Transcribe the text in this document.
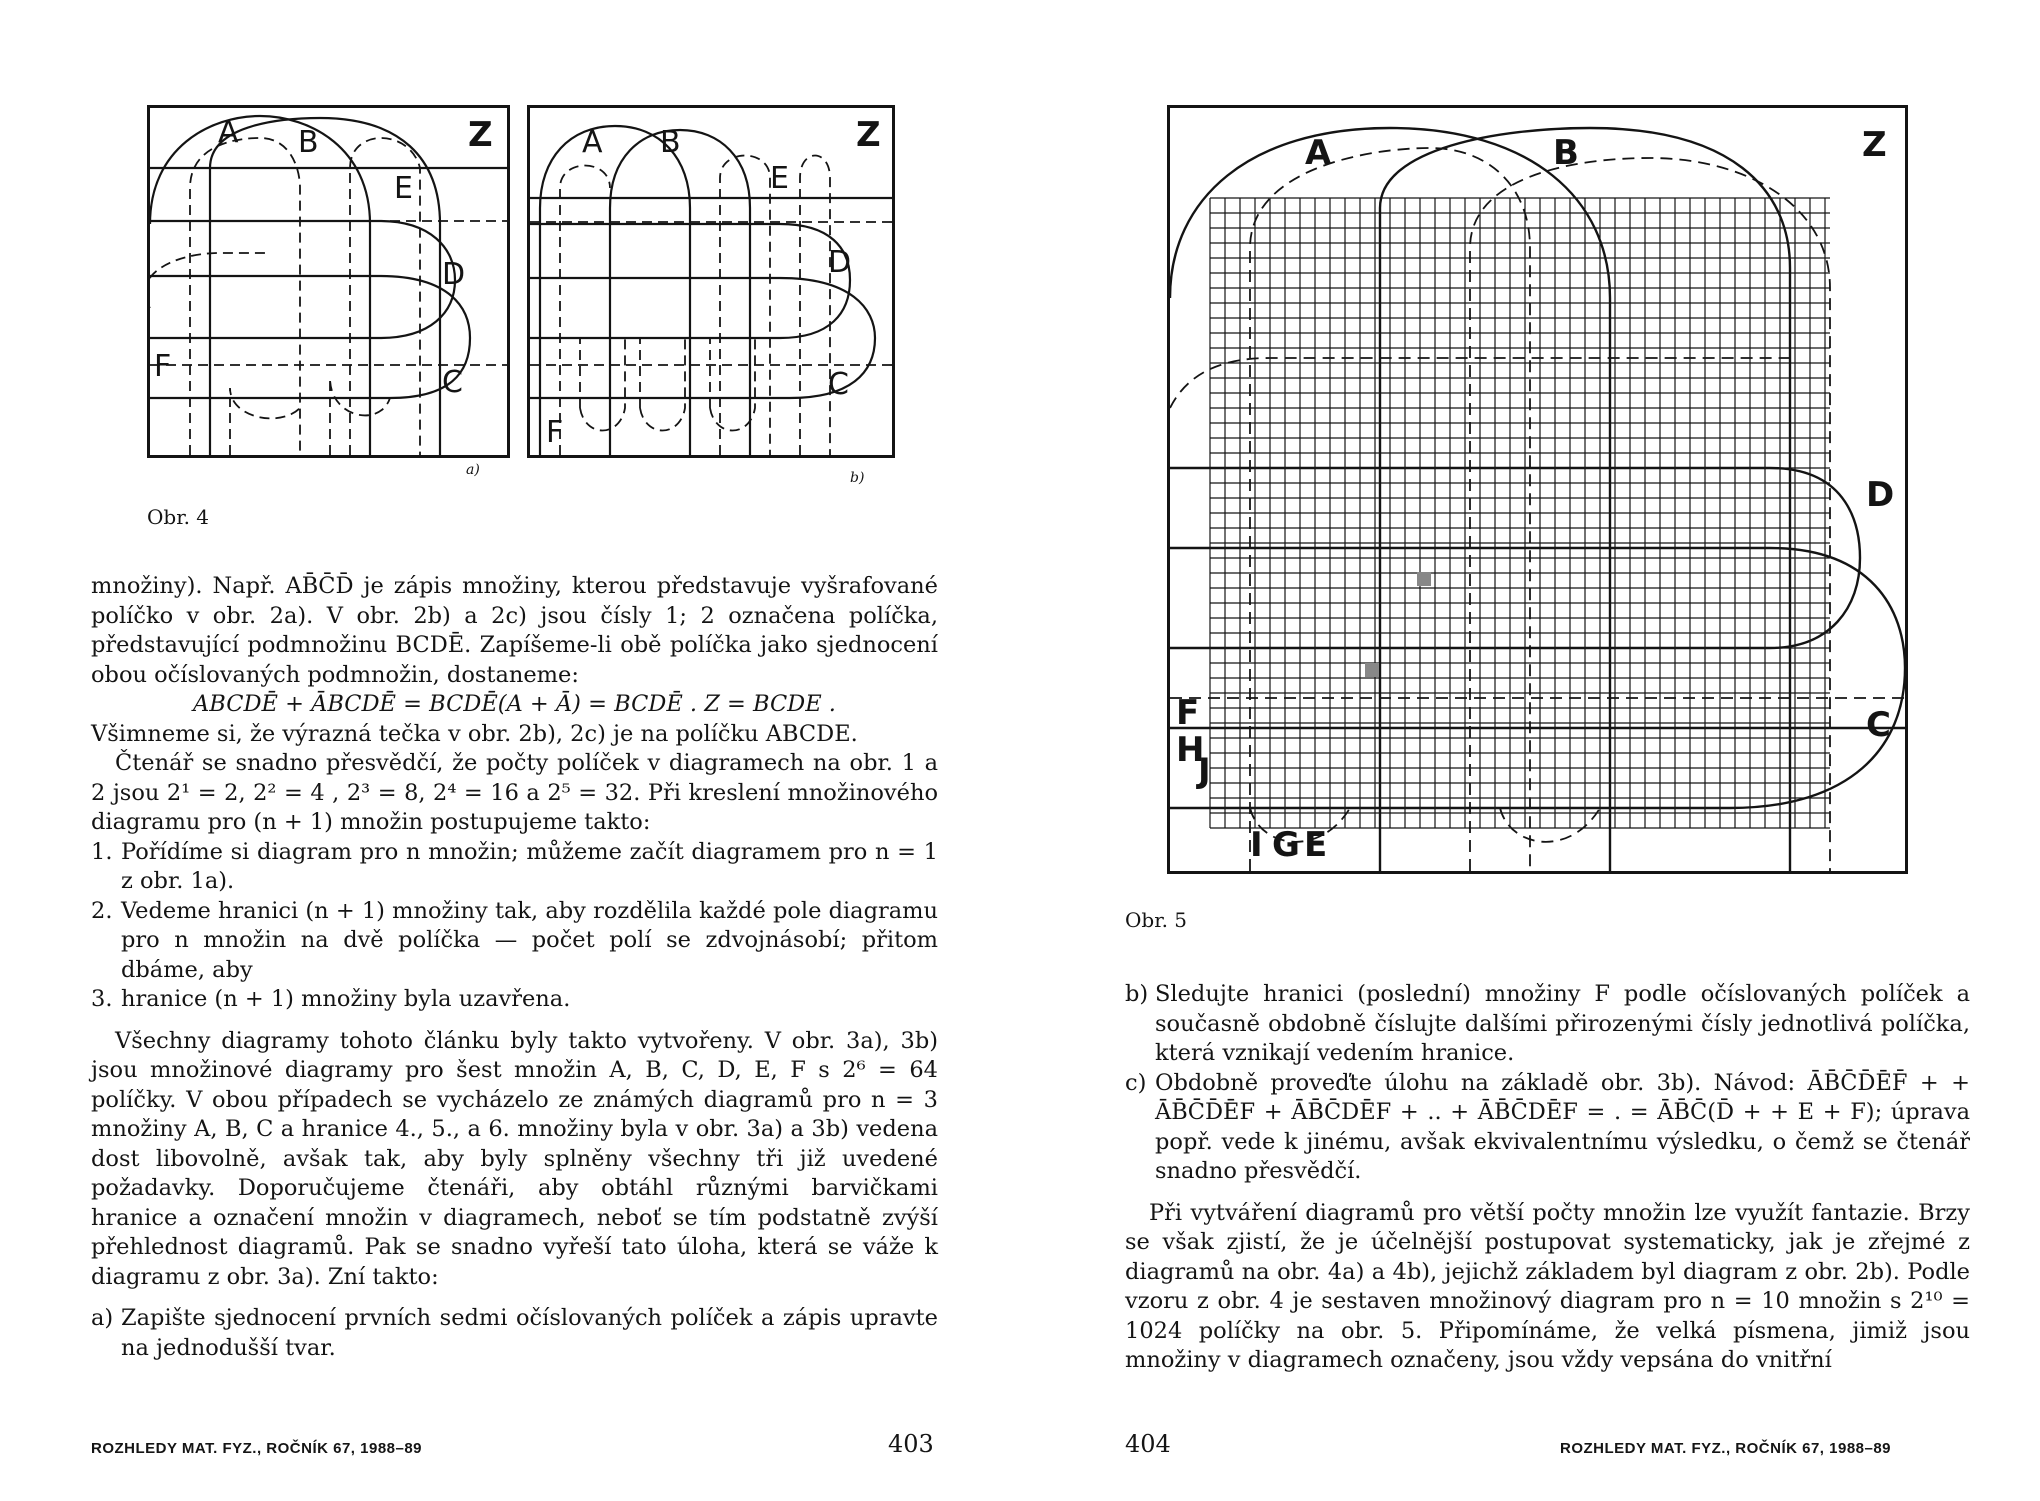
A B	Z
E
D
F	C
a)
A B	Z
E
D
C
F
b)
Obr. 4

množiny). Např. AB̄C̄D̄ je zápis množiny, kterou představuje vyšrafované políčko v obr. 2a). V obr. 2b) a 2c) jsou čísly 1; 2 označena políčka, představující podmnožinu BCDĒ. Zapíšeme-li obě políčka jako sjednocení obou očíslovaných podmnožin, dostaneme:

ABCDĒ + ĀBCDĒ = BCDĒ(A + Ā) = BCDĒ . Z = BCDE .

Všimneme si, že výrazná tečka v obr. 2b), 2c) je na políčku ABCDE.

Čtenář se snadno přesvědčí, že počty políček v diagramech na obr. 1 a 2 jsou 2¹ = 2, 2² = 4 , 2³ = 8, 2⁴ = 16 a 2⁵ = 32. Při kreslení množinového diagramu pro (n + 1) množin postupujeme takto:

1. Pořídíme si diagram pro n množin; můžeme začít diagramem pro n = 1 z obr. 1a).
2. Vedeme hranici (n + 1) množiny tak, aby rozdělila každé pole diagramu pro n množin na dvě políčka — počet polí se zdvojnásobí; přitom dbáme, aby
3. hranice (n + 1) množiny byla uzavřena.

Všechny diagramy tohoto článku byly takto vytvořeny. V obr. 3a), 3b) jsou množinové diagramy pro šest množin A, B, C, D, E, F s 2⁶ = 64 políčky. V obou případech se vycházelo ze známých diagramů pro n = 3 množiny A, B, C a hranice 4., 5., a 6. množiny byla v obr. 3a) a 3b) vedena dost libovolně, avšak tak, aby byly splněny všechny tři již uvedené požadavky. Doporučujeme čtenáři, aby obtáhl různými barvičkami hranice a označení množin v diagramech, neboť se tím podstatně zvýší přehlednost diagramů. Pak se snadno vyřeší tato úloha, která se váže k diagramu z obr. 3a). Zní takto:

a) Zapište sjednocení prvních sedmi očíslovaných políček a zápis upravte na jednodušší tvar.
ROZHLEDY MAT. FYZ., ROČNÍK 67, 1988–89	403
A	B	Z
D
C
F
H
J
I G E
Obr. 5
b) Sledujte hranici (poslední) množiny F podle očíslovaných políček a současně obdobně číslujte dalšími přirozenými čísly jednotlivá políčka, která vznikají vedením hranice.
c) Obdobně proveďte úlohu na základě obr. 3b). Návod: ĀB̄C̄D̄ĒF̄ + + ĀB̄C̄D̄ĒF + ĀB̄C̄DĒF + .. + ĀB̄C̄DĒF = . = ĀB̄C̄(D̄ + + E + F); úprava popř. vede k jinému, avšak ekvivalentnímu výsledku, o čemž se čtenář snadno přesvědčí.

Při vytváření diagramů pro větší počty množin lze využít fantazie. Brzy se však zjistí, že je účelnější postupovat systematicky, jak je zřejmé z diagramů na obr. 4a) a 4b), jejichž základem byl diagram z obr. 2b). Podle vzoru z obr. 4 je sestaven množinový diagram pro n = 10 množin s 2¹⁰ = 1024 políčky na obr. 5. Připomínáme, že velká písmena, jimiž jsou množiny v diagramech označeny, jsou vždy vepsána do vnitřní

404	ROZHLEDY MAT. FYZ., ROČNÍK 67, 1988–89
